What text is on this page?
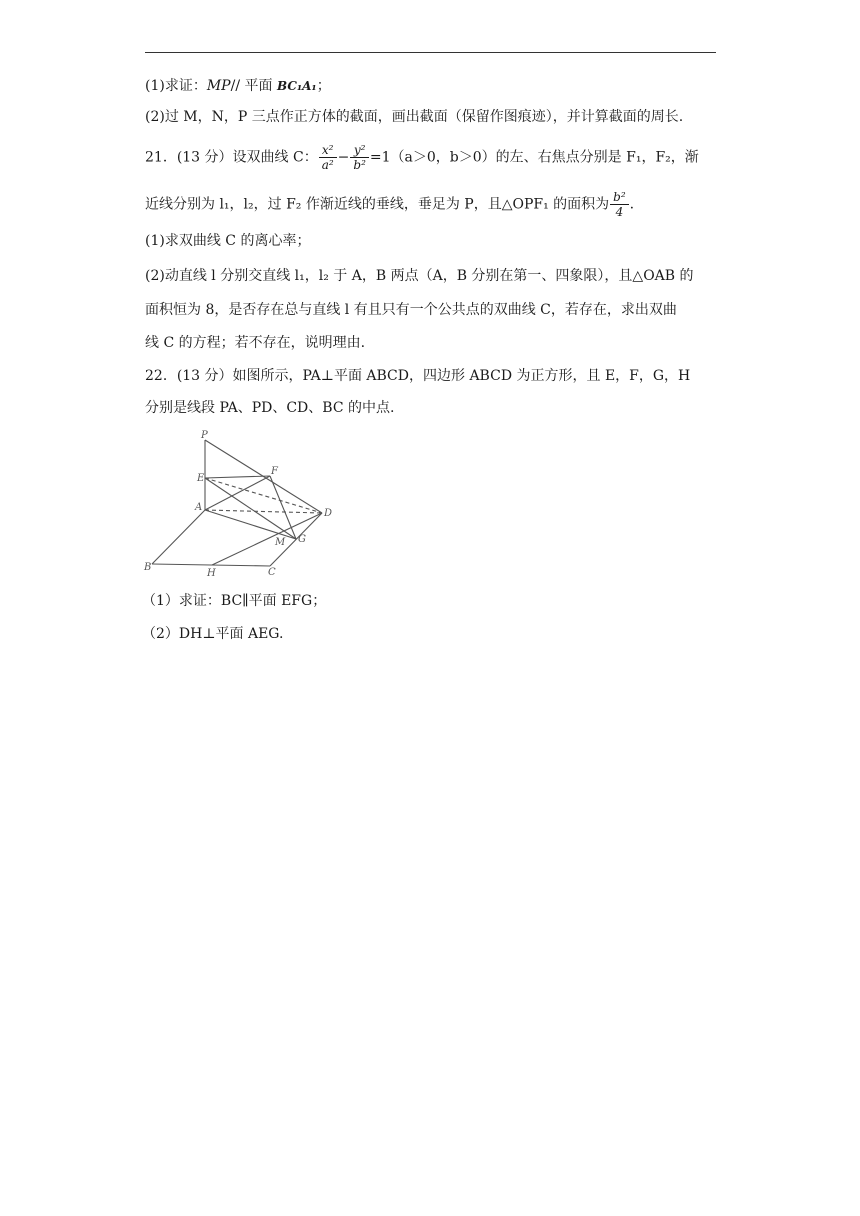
(1)求证：MP// 平面 BC₁A₁；
(2)过 M，N，P 三点作正方体的截面，画出截面（保留作图痕迹），并计算截面的周长.
21．(13 分）设双曲线 C： $\frac{\text{x²}}{\text{a²}} - \frac{\text{y²}}{\text{b²}} =1(a>0$，b＞0）的左、右焦点分别是 F₁，F₂，渐
近线分别为 l₁，l₂，过 F₂ 作渐近线的垂线，垂足为 P，且△OPF₁ 的面积为 $\frac{\text{b²}}{4}$ .
(1)求双曲线 C 的离心率；
(2)动直线 l 分别交直线 l₁，l₂ 于 A，B 两点（A，B 分别在第一、四象限），且△OAB 的
面积恒为 8，是否存在总与直线 l 有且只有一个公共点的双曲线 C，若存在，求出双曲
线 C 的方程；若不存在，说明理由.
22．(13 分）如图所示，PA⊥平面 ABCD，四边形 ABCD 为正方形，且 E，F，G，H
分别是线段 PA、PD、CD、BC 的中点.
P
E
F
A
D
M G
B
H	C
（1）求证：BC∥平面 EFG；
（2）DH⊥平面 AEG.
